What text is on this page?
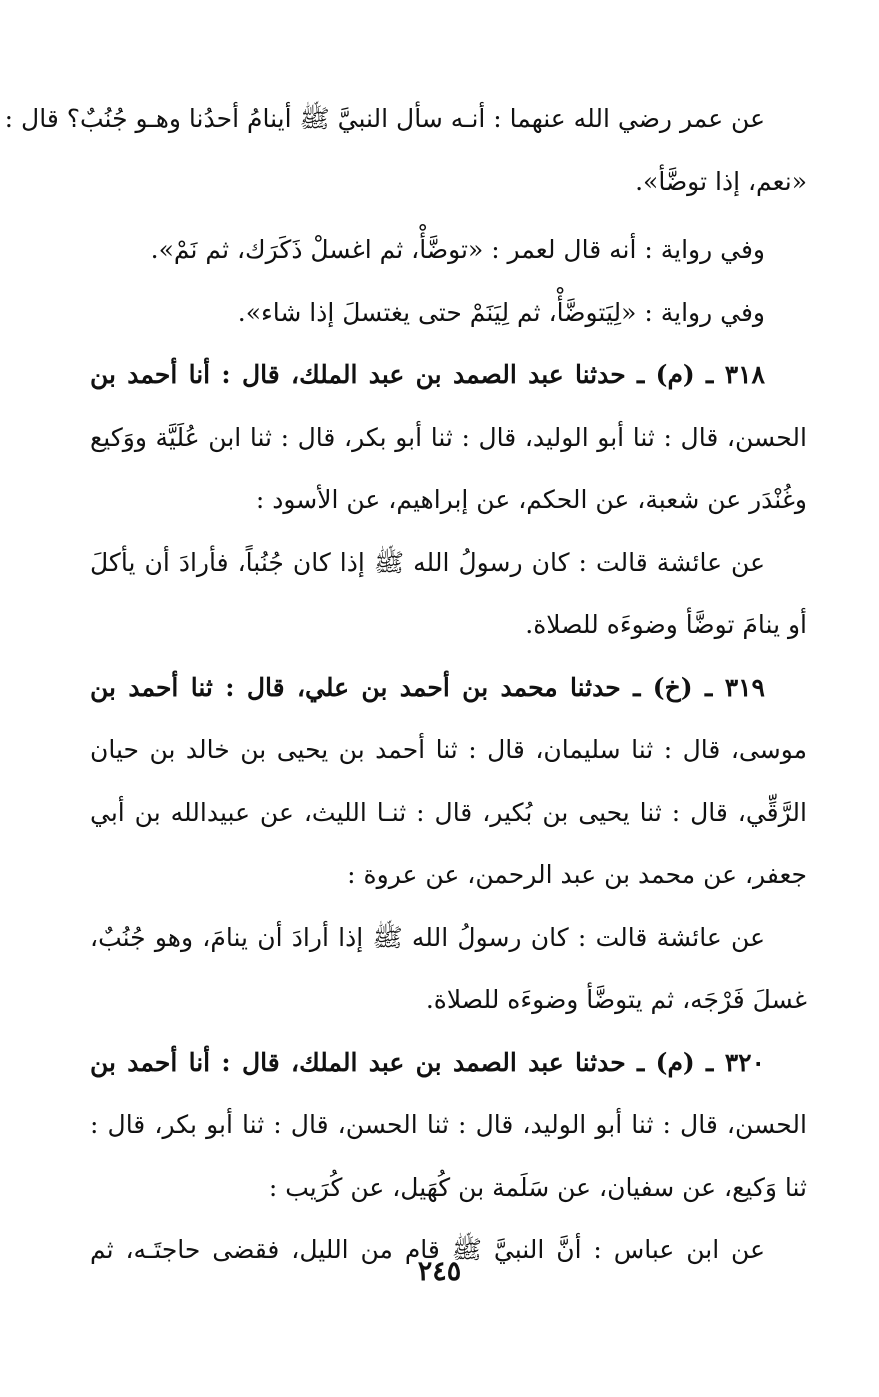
عن عمر رضي الله عنهما : أنـه سأل النبيَّ ﷺ أينامُ أحدُنا وهـو جُنُبٌ؟ قال :
«نعم، إذا توضَّأ».
وفي رواية : أنه قال لعمر : «توضَّأْ، ثم اغسلْ ذَكَرَك، ثم نَمْ».
وفي رواية : «لِيَتوضَّأْ، ثم لِيَنَمْ حتى يغتسلَ إذا شاء».
٣١٨ ـ (م) ـ حدثنا عبد الصمد بن عبد الملك، قال : أنا أحمد بن
الحسن، قال : ثنا أبو الوليد، قال : ثنا أبو بكر، قال : ثنا ابن عُلَيَّة ووَكيع
وغُنْدَر عن شعبة، عن الحكم، عن إبراهيم، عن الأسود :
عن عائشة قالت : كان رسولُ الله ﷺ إذا كان جُنُباً، فأرادَ أن يأكلَ
أو ينامَ توضَّأ وضوءَه للصلاة.
٣١٩ ـ (خ) ـ حدثنا محمد بن أحمد بن علي، قال : ثنا أحمد بن
موسى، قال : ثنا سليمان، قال : ثنا أحمد بن يحيى بن خالد بن حيان
الرَّقِّي، قال : ثنا يحيى بن بُكير، قال : ثنـا الليث، عن عبيدالله بن أبي
جعفر، عن محمد بن عبد الرحمن، عن عروة :
عن عائشة قالت : كان رسولُ الله ﷺ إذا أرادَ أن ينامَ، وهو جُنُبٌ،
غسلَ فَرْجَه، ثم يتوضَّأ وضوءَه للصلاة.
٣٢٠ ـ (م) ـ حدثنا عبد الصمد بن عبد الملك، قال : أنا أحمد بن
الحسن، قال : ثنا أبو الوليد، قال : ثنا الحسن، قال : ثنا أبو بكر، قال :
ثنا وَكيع، عن سفيان، عن سَلَمة بن كُهَيل، عن كُرَيب :
عن ابن عباس : أنَّ النبيَّ ﷺ قام من الليل، فقضى حاجتَـه، ثم
٢٤٥
